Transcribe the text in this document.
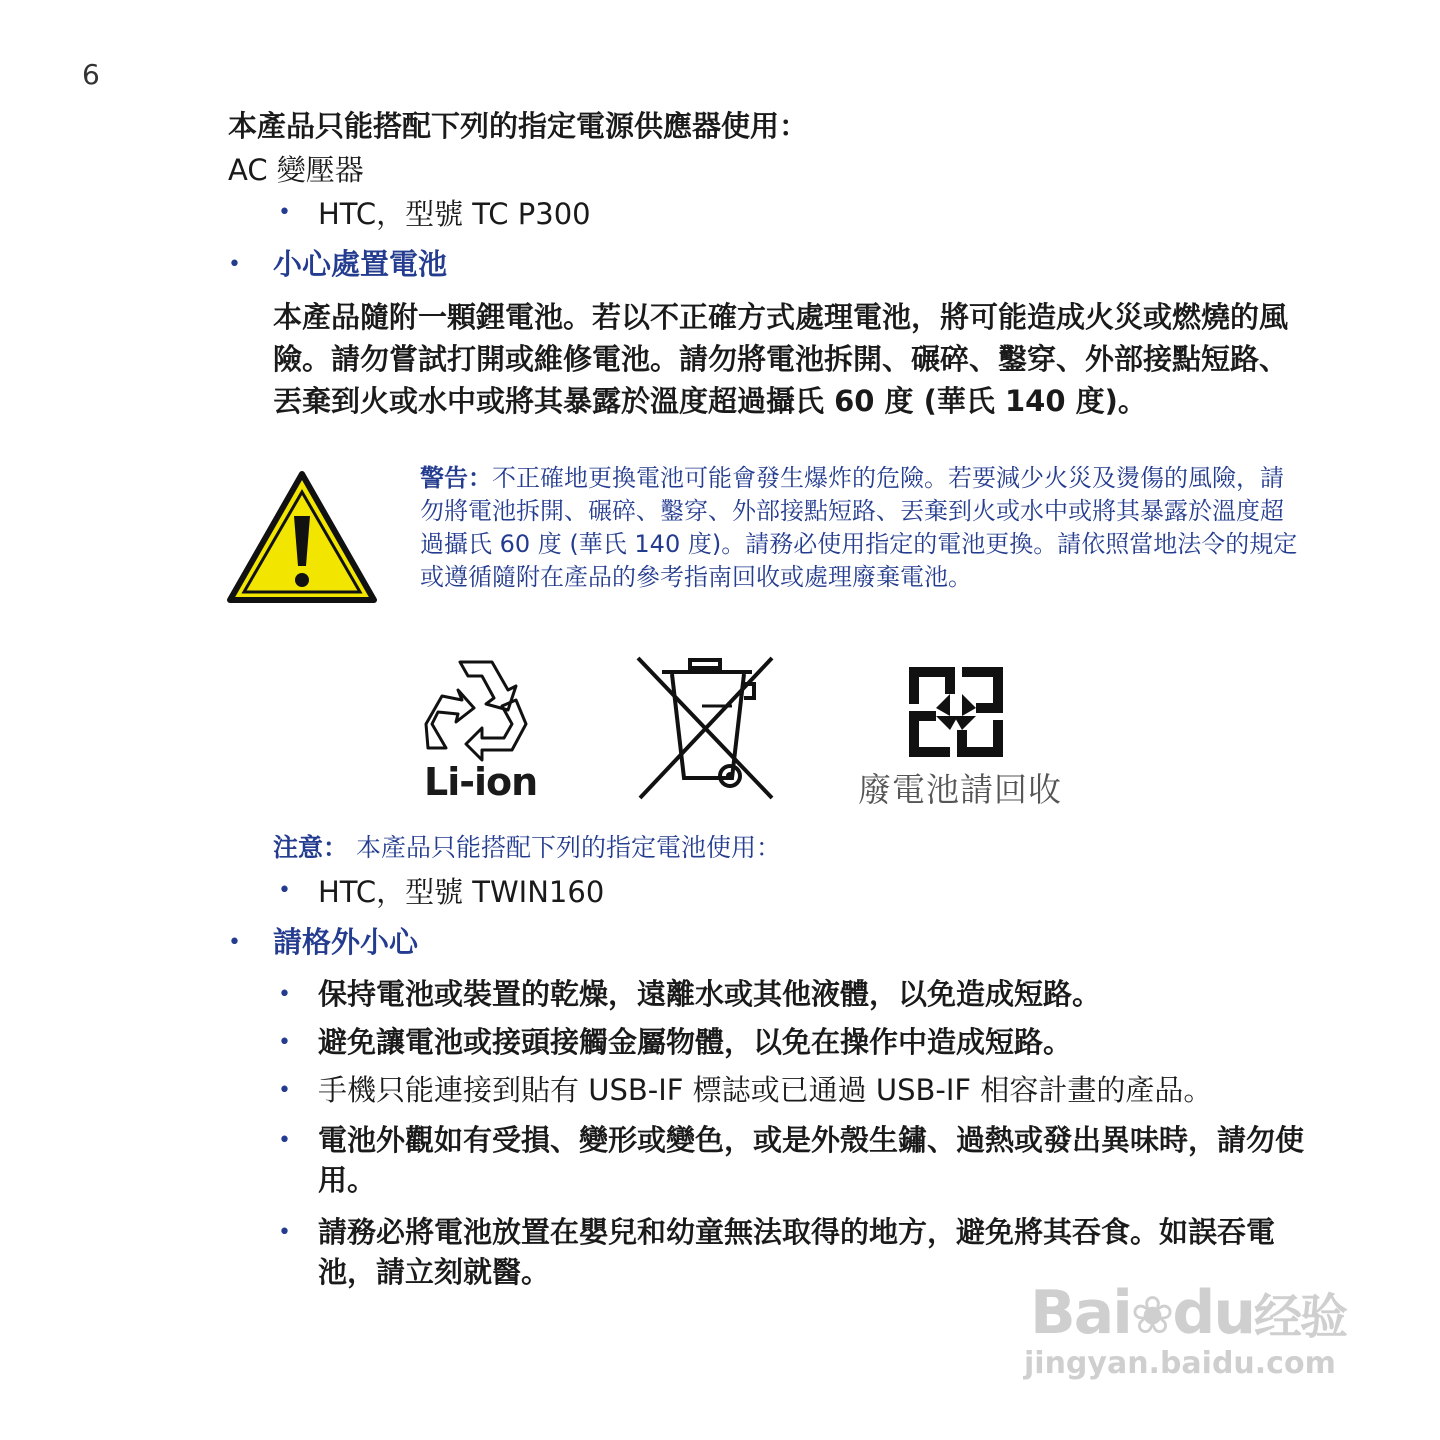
6
本產品只能搭配下列的指定電源供應器使用：
AC 變壓器
• HTC，型號 TC P300
• 小心處置電池
本產品隨附一顆鋰電池。若以不正確方式處理電池，將可能造成火災或燃燒的風險。請勿嘗試打開或維修電池。請勿將電池拆開、碾碎、鑿穿、外部接點短路、丟棄到火或水中或將其暴露於溫度超過攝氏 60 度 (華氏 140 度)。
警告：不正確地更換電池可能會發生爆炸的危險。若要減少火災及燙傷的風險，請勿將電池拆開、碾碎、鑿穿、外部接點短路、丟棄到火或水中或將其暴露於溫度超過攝氏 60 度 (華氏 140 度)。請務必使用指定的電池更換。請依照當地法令的規定或遵循隨附在產品的參考指南回收或處理廢棄電池。
Li-ion	廢電池請回收
注意： 本產品只能搭配下列的指定電池使用：
• HTC，型號 TWIN160
• 請格外小心
• 保持電池或裝置的乾燥，遠離水或其他液體，以免造成短路。
• 避免讓電池或接頭接觸金屬物體，以免在操作中造成短路。
• 手機只能連接到貼有 USB-IF 標誌或已通過 USB-IF 相容計畫的產品。
• 電池外觀如有受損、變形或變色，或是外殼生鏽、過熱或發出異味時，請勿使用。
• 請務必將電池放置在嬰兒和幼童無法取得的地方，避免將其吞食。如誤吞電池，請立刻就醫。
Bai❀du经验
jingyan.baidu.com
